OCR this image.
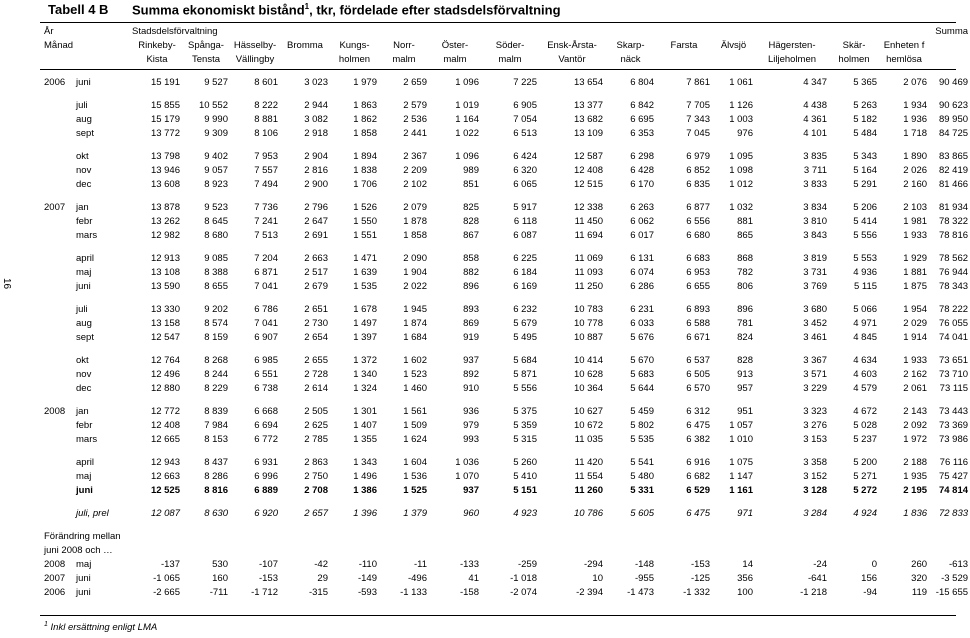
Tabell 4 B Summa ekonomiskt bistånd$^1$, tkr, fördelade efter stadsdelsförvaltning
16
År		Stadsdelsförvaltning															Summa
Månad		Rinkeby-	Spånga-	Hässelby-	Bromma	Kungs-	Norr-	Öster-	Söder-	Ensk-Årsta-	Skarp-	Farsta	Älvsjö	Hägersten-	Skär-	Enheten f	
		Kista	Tensta	Vällingby		holmen	malm	malm	malm	Vantör	näck			Liljeholmen	holmen	hemlösa	

2006	juni	15 191	9 527	8 601	3 023	1 979	2 659	1 096	7 225	13 654	6 804	7 861	1 061	4 347	5 365	2 076	90 469

	juli	15 855	10 552	8 222	2 944	1 863	2 579	1 019	6 905	13 377	6 842	7 705	1 126	4 438	5 263	1 934	90 623
	aug	15 179	9 990	8 881	3 082	1 862	2 536	1 164	7 054	13 682	6 695	7 343	1 003	4 361	5 182	1 936	89 950
	sept	13 772	9 309	8 106	2 918	1 858	2 441	1 022	6 513	13 109	6 353	7 045	976	4 101	5 484	1 718	84 725

	okt	13 798	9 402	7 953	2 904	1 894	2 367	1 096	6 424	12 587	6 298	6 979	1 095	3 835	5 343	1 890	83 865
	nov	13 946	9 057	7 557	2 816	1 838	2 209	989	6 320	12 408	6 428	6 852	1 098	3 711	5 164	2 026	82 419
	dec	13 608	8 923	7 494	2 900	1 706	2 102	851	6 065	12 515	6 170	6 835	1 012	3 833	5 291	2 160	81 466

2007	jan	13 878	9 523	7 736	2 796	1 526	2 079	825	5 917	12 338	6 263	6 877	1 032	3 834	5 206	2 103	81 934
	febr	13 262	8 645	7 241	2 647	1 550	1 878	828	6 118	11 450	6 062	6 556	881	3 810	5 414	1 981	78 322
	mars	12 982	8 680	7 513	2 691	1 551	1 858	867	6 087	11 694	6 017	6 680	865	3 843	5 556	1 933	78 816

	april	12 913	9 085	7 204	2 663	1 471	2 090	858	6 225	11 069	6 131	6 683	868	3 819	5 553	1 929	78 562
	maj	13 108	8 388	6 871	2 517	1 639	1 904	882	6 184	11 093	6 074	6 953	782	3 731	4 936	1 881	76 944
	juni	13 590	8 655	7 041	2 679	1 535	2 022	896	6 169	11 250	6 286	6 655	806	3 769	5 115	1 875	78 343

	juli	13 330	9 202	6 786	2 651	1 678	1 945	893	6 232	10 783	6 231	6 893	896	3 680	5 066	1 954	78 222
	aug	13 158	8 574	7 041	2 730	1 497	1 874	869	5 679	10 778	6 033	6 588	781	3 452	4 971	2 029	76 055
	sept	12 547	8 159	6 907	2 654	1 397	1 684	919	5 495	10 887	5 676	6 671	824	3 461	4 845	1 914	74 041

	okt	12 764	8 268	6 985	2 655	1 372	1 602	937	5 684	10 414	5 670	6 537	828	3 367	4 634	1 933	73 651
	nov	12 496	8 244	6 551	2 728	1 340	1 523	892	5 871	10 628	5 683	6 505	913	3 571	4 603	2 162	73 710
	dec	12 880	8 229	6 738	2 614	1 324	1 460	910	5 556	10 364	5 644	6 570	957	3 229	4 579	2 061	73 115

2008	jan	12 772	8 839	6 668	2 505	1 301	1 561	936	5 375	10 627	5 459	6 312	951	3 323	4 672	2 143	73 443
	febr	12 408	7 984	6 694	2 625	1 407	1 509	979	5 359	10 672	5 802	6 475	1 057	3 276	5 028	2 092	73 369
	mars	12 665	8 153	6 772	2 785	1 355	1 624	993	5 315	11 035	5 535	6 382	1 010	3 153	5 237	1 972	73 986

	april	12 943	8 437	6 931	2 863	1 343	1 604	1 036	5 260	11 420	5 541	6 916	1 075	3 358	5 200	2 188	76 116
	maj	12 663	8 286	6 996	2 750	1 496	1 536	1 070	5 410	11 554	5 480	6 682	1 147	3 152	5 271	1 935	75 427
	juni	12 525	8 816	6 889	2 708	1 386	1 525	937	5 151	11 260	5 331	6 529	1 161	3 128	5 272	2 195	74 814

	juli, prel	12 087	8 630	6 920	2 657	1 396	1 379	960	4 923	10 786	5 605	6 475	971	3 284	4 924	1 836	72 833

Förändring mellan																	
juni 2008 och …																	
2008	maj	-137	530	-107	-42	-110	-11	-133	-259	-294	-148	-153	14	-24	0	260	-613
2007	juni	-1 065	160	-153	29	-149	-496	41	-1 018	10	-955	-125	356	-641	156	320	-3 529
2006	juni	-2 665	-711	-1 712	-315	-593	-1 133	-158	-2 074	-2 394	-1 473	-1 332	100	-1 218	-94	119	-15 655
$^1$ Inkl ersättning enligt LMA
